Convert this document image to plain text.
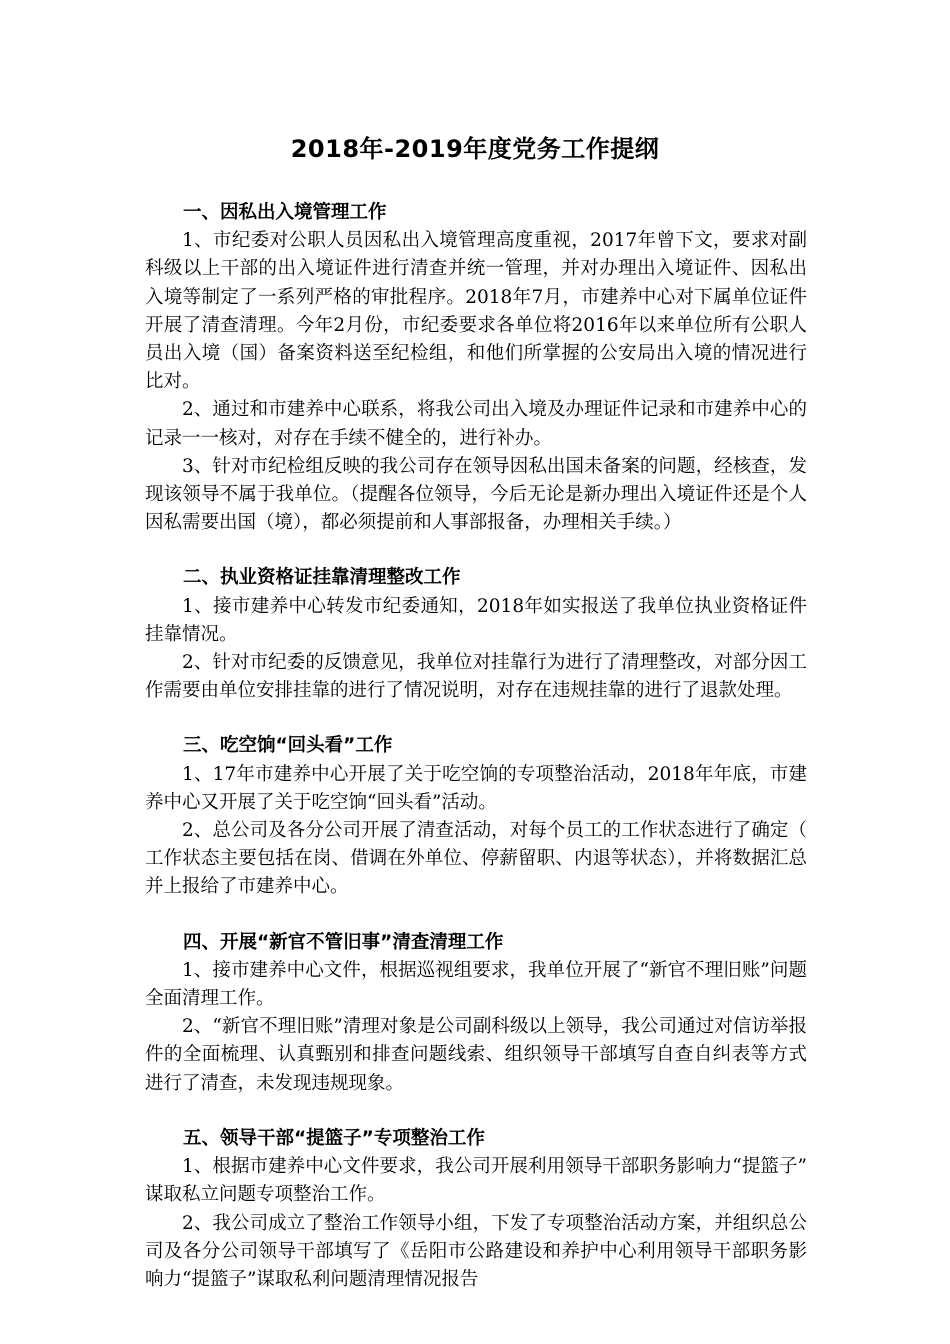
2018年-2019年度党务工作提纲

一、因私出入境管理工作

1、市纪委对公职人员因私出入境管理高度重视，2017年曾下文，要求对副科级以上干部的出入境证件进行清查并统一管理，并对办理出入境证件、因私出入境等制定了一系列严格的审批程序。2018年7月，市建养中心对下属单位证件开展了清查清理。今年2月份，市纪委要求各单位将2016年以来单位所有公职人员出入境（国）备案资料送至纪检组，和他们所掌握的公安局出入境的情况进行比对。

2、通过和市建养中心联系，将我公司出入境及办理证件记录和市建养中心的记录一一核对，对存在手续不健全的，进行补办。

3、针对市纪检组反映的我公司存在领导因私出国未备案的问题，经核查，发现该领导不属于我单位。（提醒各位领导，今后无论是新办理出入境证件还是个人因私需要出国（境），都必须提前和人事部报备，办理相关手续。）

二、执业资格证挂靠清理整改工作

1、接市建养中心转发市纪委通知，2018年如实报送了我单位执业资格证件挂靠情况。

2、针对市纪委的反馈意见，我单位对挂靠行为进行了清理整改，对部分因工作需要由单位安排挂靠的进行了情况说明，对存在违规挂靠的进行了退款处理。

三、吃空饷“回头看”工作

1、17年市建养中心开展了关于吃空饷的专项整治活动，2018年年底，市建养中心又开展了关于吃空饷“回头看”活动。

2、总公司及各分公司开展了清查活动，对每个员工的工作状态进行了确定（工作状态主要包括在岗、借调在外单位、停薪留职、内退等状态），并将数据汇总并上报给了市建养中心。

四、开展“新官不管旧事”清查清理工作

1、接市建养中心文件，根据巡视组要求，我单位开展了“新官不理旧账”问题全面清理工作。

2、“新官不理旧账”清理对象是公司副科级以上领导，我公司通过对信访举报件的全面梳理、认真甄别和排查问题线索、组织领导干部填写自查自纠表等方式进行了清查，未发现违规现象。

五、领导干部“提篮子”专项整治工作

1、根据市建养中心文件要求，我公司开展利用领导干部职务影响力“提篮子”谋取私立问题专项整治工作。

2、我公司成立了整治工作领导小组，下发了专项整治活动方案，并组织总公司及各分公司领导干部填写了《岳阳市公路建设和养护中心利用领导干部职务影响力“提篮子”谋取私利问题清理情况报告
